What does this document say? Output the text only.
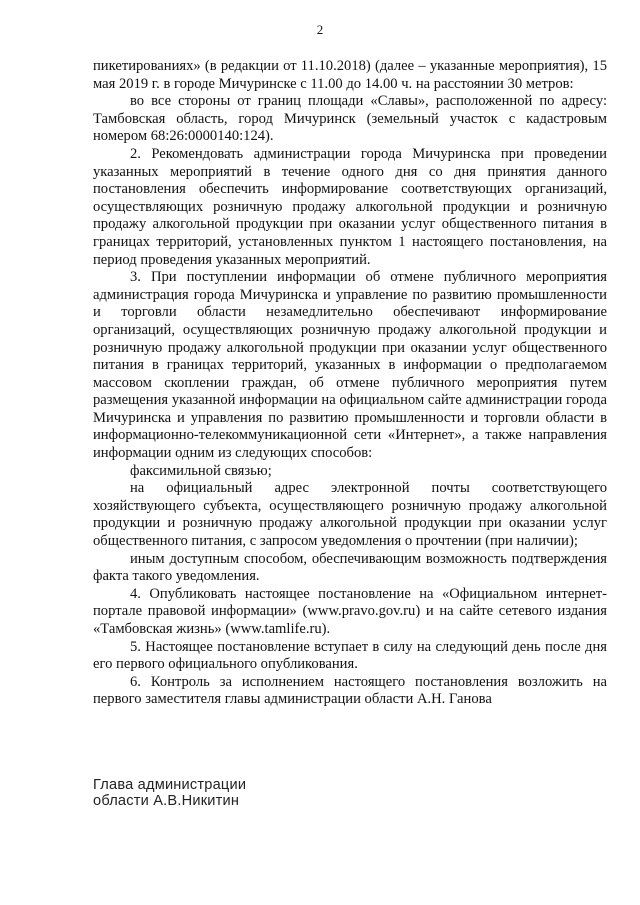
2

пикетированиях» (в редакции от 11.10.2018) (далее – указанные мероприятия), 15 мая 2019 г. в городе Мичуринске с 11.00 до 14.00 ч. на расстоянии 30 метров:

во все стороны от границ площади «Славы», расположенной по адресу: Тамбовская область, город Мичуринск (земельный участок с кадастровым номером 68:26:0000140:124).

2. Рекомендовать администрации города Мичуринска при проведении указанных мероприятий в течение одного дня со дня принятия данного постановления обеспечить информирование соответствующих организаций, осуществляющих розничную продажу алкогольной продукции и розничную продажу алкогольной продукции при оказании услуг общественного питания в границах территорий, установленных пунктом 1 настоящего постановления, на период проведения указанных мероприятий.

3. При поступлении информации об отмене публичного мероприятия администрация города Мичуринска и управление по развитию промышленности и торговли области незамедлительно обеспечивают информирование организаций, осуществляющих розничную продажу алкогольной продукции и розничную продажу алкогольной продукции при оказании услуг общественного питания в границах территорий, указанных в информации о предполагаемом массовом скоплении граждан, об отмене публичного мероприятия путем размещения указанной информации на официальном сайте администрации города Мичуринска и управления по развитию промышленности и торговли области в информационно-телекоммуникационной сети «Интернет», а также направления информации одним из следующих способов:

факсимильной связью;

на официальный адрес электронной почты соответствующего хозяйствующего субъекта, осуществляющего розничную продажу алкогольной продукции и розничную продажу алкогольной продукции при оказании услуг общественного питания, с запросом уведомления о прочтении (при наличии);

иным доступным способом, обеспечивающим возможность подтверждения факта такого уведомления.

4. Опубликовать настоящее постановление на «Официальном интернет-портале правовой информации» (www.pravo.gov.ru) и на сайте сетевого издания «Тамбовская жизнь» (www.tamlife.ru).

5. Настоящее постановление вступает в силу на следующий день после дня его первого официального опубликования.

6. Контроль за исполнением настоящего постановления возложить на первого заместителя главы администрации области А.Н. Ганова

Глава администрации
области А.В.Никитин
